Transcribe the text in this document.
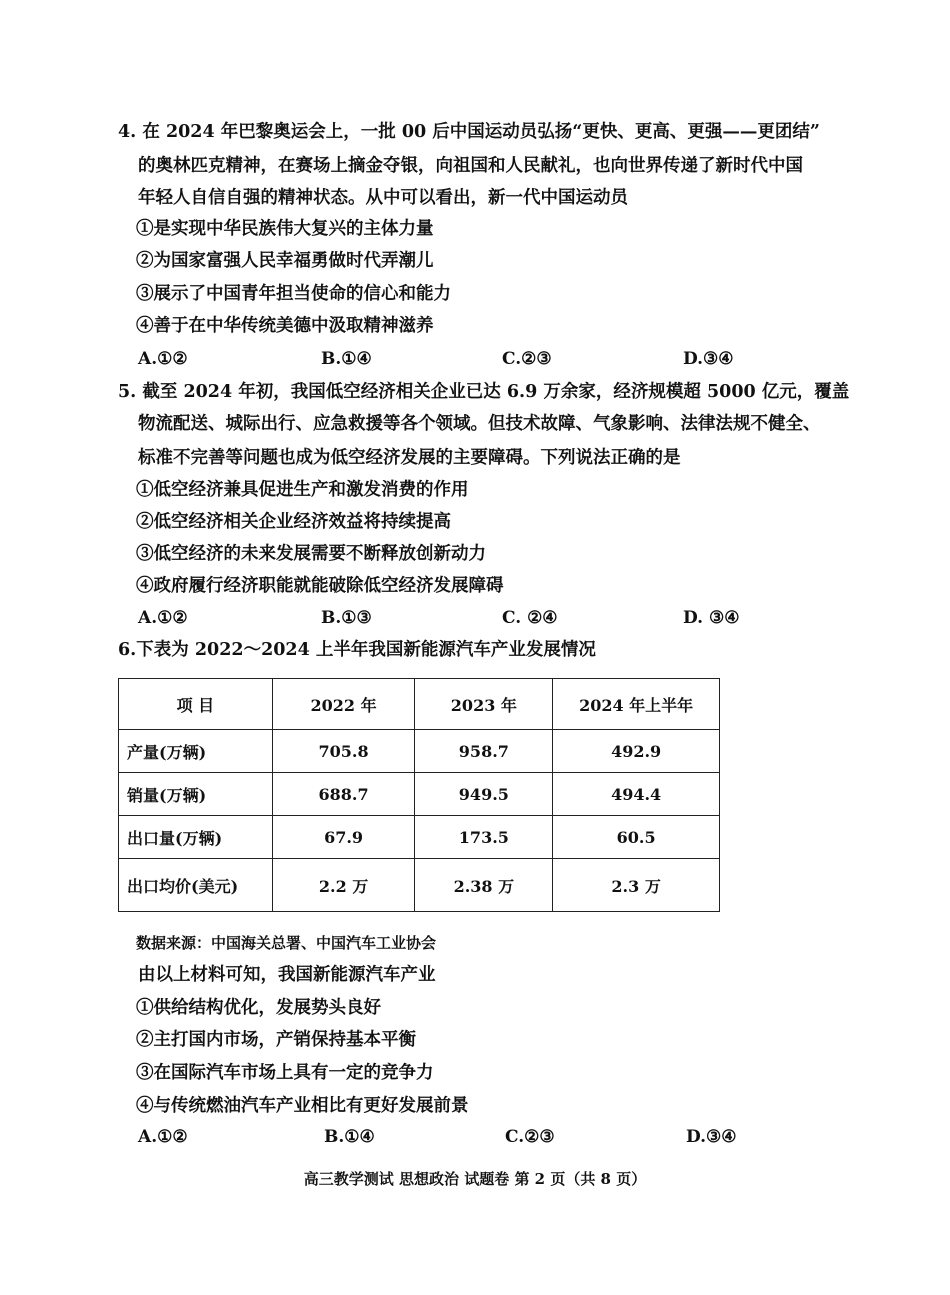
4. 在 2024 年巴黎奥运会上，一批 00 后中国运动员弘扬“更快、更高、更强——更团结”
的奥林匹克精神，在赛场上摘金夺银，向祖国和人民献礼，也向世界传递了新时代中国
年轻人自信自强的精神状态。从中可以看出，新一代中国运动员
①是实现中华民族伟大复兴的主体力量
②为国家富强人民幸福勇做时代弄潮儿
③展示了中国青年担当使命的信心和能力
④善于在中华传统美德中汲取精神滋养
A.①②	B.①④	C.②③	D.③④
5. 截至 2024 年初，我国低空经济相关企业已达 6.9 万余家，经济规模超 5000 亿元，覆盖
物流配送、城际出行、应急救援等各个领域。但技术故障、气象影响、法律法规不健全、
标准不完善等问题也成为低空经济发展的主要障碍。下列说法正确的是
①低空经济兼具促进生产和激发消费的作用
②低空经济相关企业经济效益将持续提高
③低空经济的未来发展需要不断释放创新动力
④政府履行经济职能就能破除低空经济发展障碍
A.①②	B.①③	C. ②④	D. ③④
6.下表为 2022～2024 上半年我国新能源汽车产业发展情况
项 目	2022 年	2023 年	2024 年上半年
产量(万辆)	705.8	958.7	492.9
销量(万辆)	688.7	949.5	494.4
出口量(万辆)	67.9	173.5	60.5
出口均价(美元)	2.2 万	2.38 万	2.3 万
数据来源：中国海关总署、中国汽车工业协会
由以上材料可知，我国新能源汽车产业
①供给结构优化，发展势头良好
②主打国内市场，产销保持基本平衡
③在国际汽车市场上具有一定的竞争力
④与传统燃油汽车产业相比有更好发展前景
A.①②	B.①④	C.②③	D.③④
高三教学测试 思想政治 试题卷 第 2 页（共 8 页）
